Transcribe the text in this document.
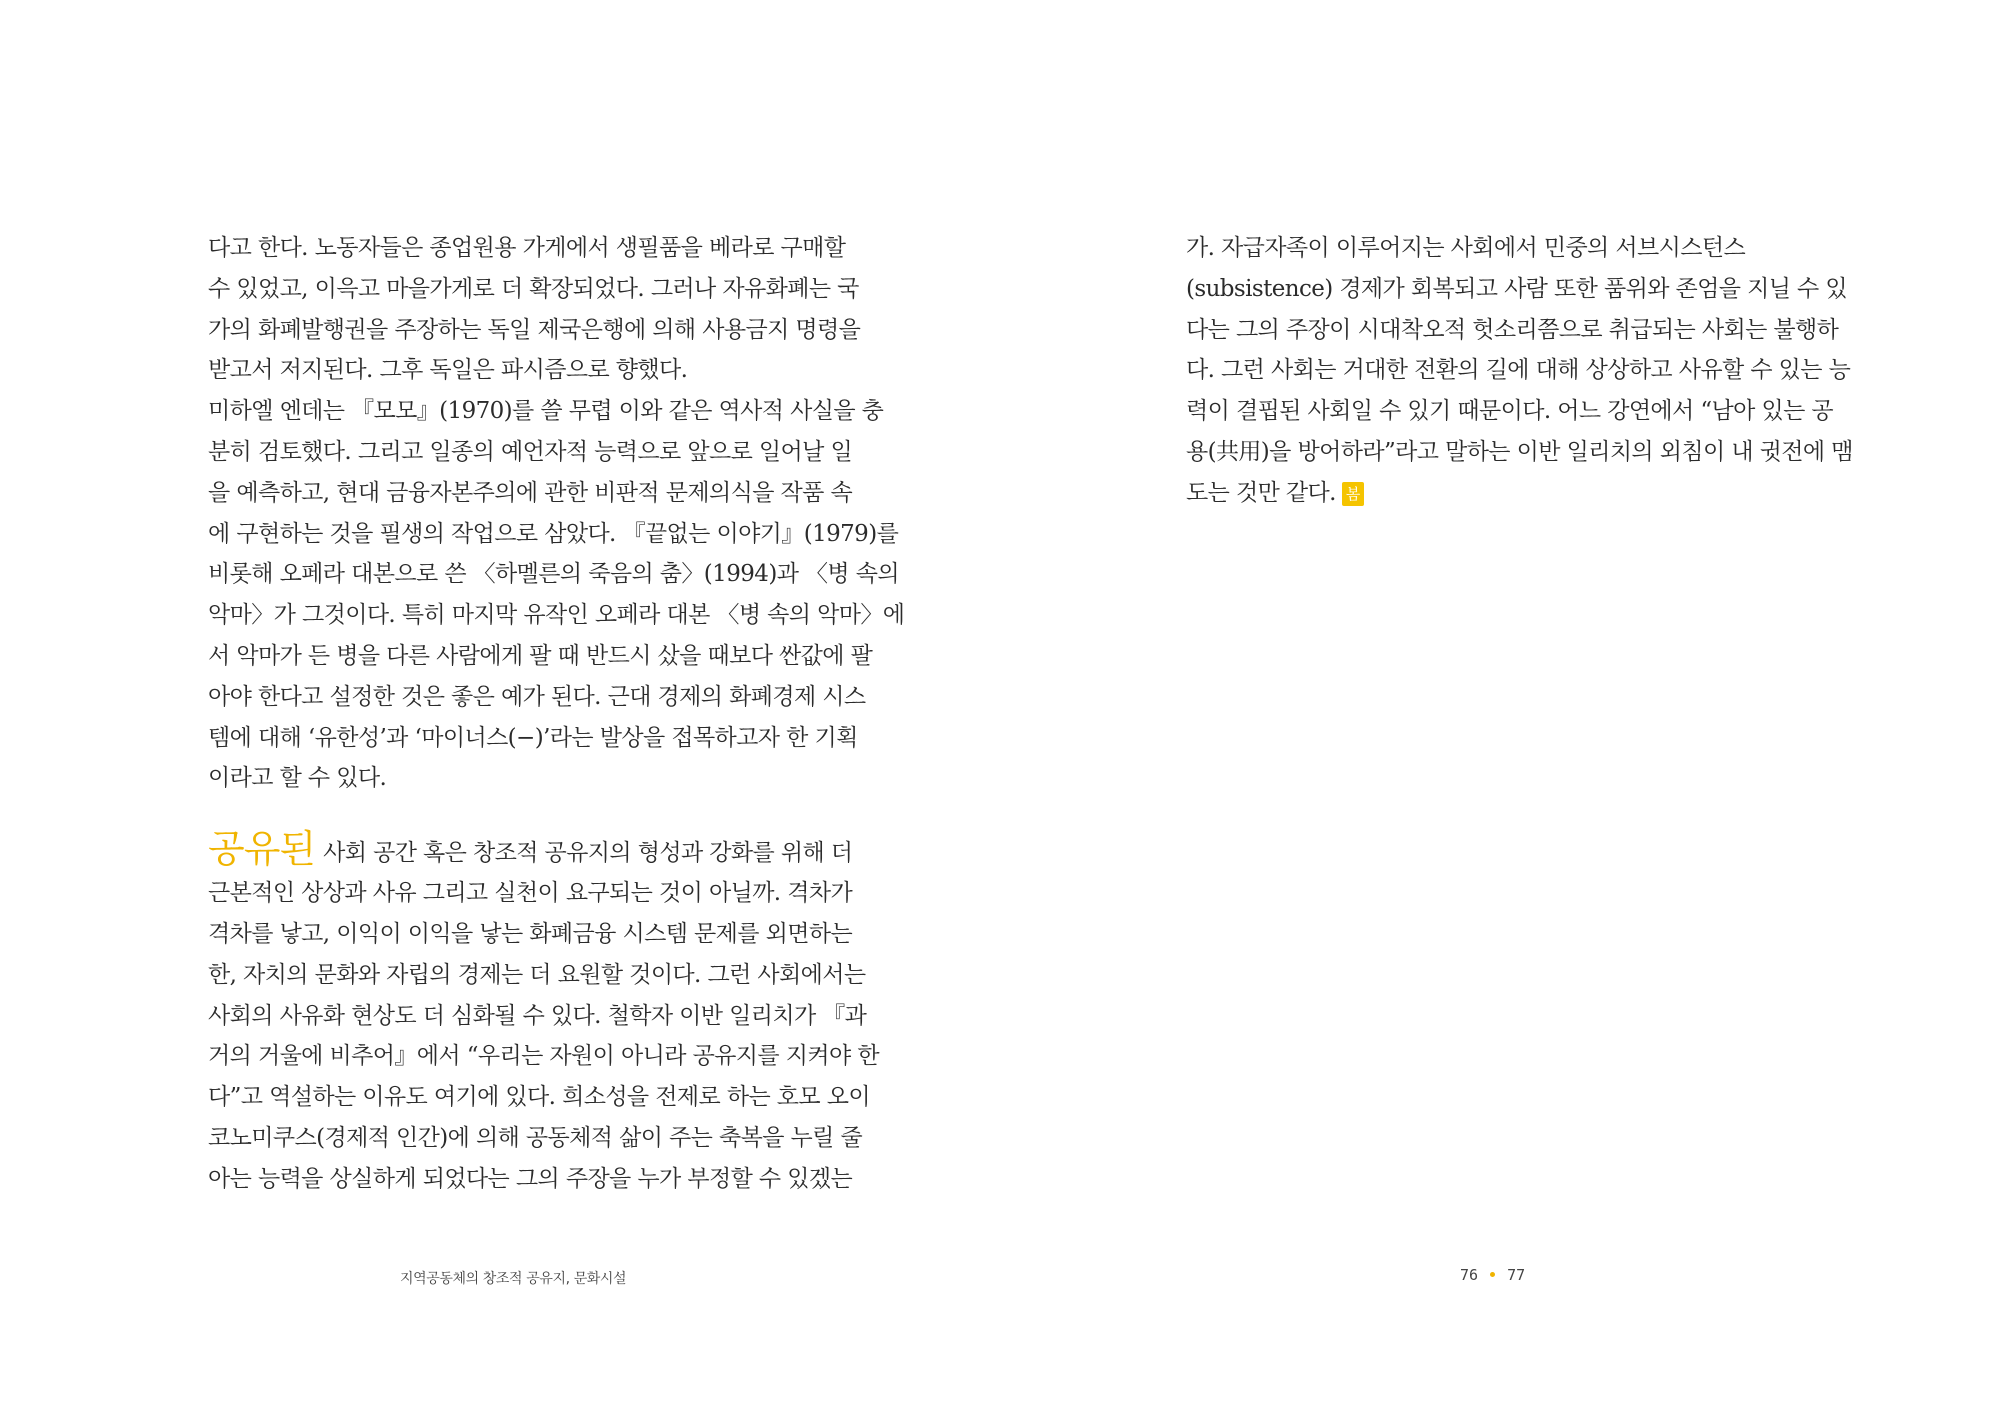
다고 한다. 노동자들은 종업원용 가게에서 생필품을 베라로 구매할
수 있었고, 이윽고 마을가게로 더 확장되었다. 그러나 자유화폐는 국
가의 화폐발행권을 주장하는 독일 제국은행에 의해 사용금지 명령을
받고서 저지된다. 그후 독일은 파시즘으로 향했다.
미하엘 엔데는 『모모』(1970)를 쓸 무렵 이와 같은 역사적 사실을 충
분히 검토했다. 그리고 일종의 예언자적 능력으로 앞으로 일어날 일
을 예측하고, 현대 금융자본주의에 관한 비판적 문제의식을 작품 속
에 구현하는 것을 필생의 작업으로 삼았다. 『끝없는 이야기』(1979)를
비롯해 오페라 대본으로 쓴 〈하멜른의 죽음의 춤〉(1994)과 〈병 속의
악마〉가 그것이다. 특히 마지막 유작인 오페라 대본 〈병 속의 악마〉에
서 악마가 든 병을 다른 사람에게 팔 때 반드시 샀을 때보다 싼값에 팔
아야 한다고 설정한 것은 좋은 예가 된다. 근대 경제의 화폐경제 시스
템에 대해 ‘유한성’과 ‘마이너스(−)’라는 발상을 접목하고자 한 기획
이라고 할 수 있다.
공유된 사회 공간 혹은 창조적 공유지의 형성과 강화를 위해 더
근본적인 상상과 사유 그리고 실천이 요구되는 것이 아닐까. 격차가
격차를 낳고, 이익이 이익을 낳는 화폐금융 시스템 문제를 외면하는
한, 자치의 문화와 자립의 경제는 더 요원할 것이다. 그런 사회에서는
사회의 사유화 현상도 더 심화될 수 있다. 철학자 이반 일리치가 『과
거의 거울에 비추어』에서 “우리는 자원이 아니라 공유지를 지켜야 한
다”고 역설하는 이유도 여기에 있다. 희소성을 전제로 하는 호모 오이
코노미쿠스(경제적 인간)에 의해 공동체적 삶이 주는 축복을 누릴 줄
아는 능력을 상실하게 되었다는 그의 주장을 누가 부정할 수 있겠는
지역공동체의 창조적 공유지, 문화시설
가. 자급자족이 이루어지는 사회에서 민중의 서브시스턴스
(subsistence) 경제가 회복되고 사람 또한 품위와 존엄을 지닐 수 있
다는 그의 주장이 시대착오적 헛소리쯤으로 취급되는 사회는 불행하
다. 그런 사회는 거대한 전환의 길에 대해 상상하고 사유할 수 있는 능
력이 결핍된 사회일 수 있기 때문이다. 어느 강연에서 “남아 있는 공
용(共用)을 방어하라”라고 말하는 이반 일리치의 외침이 내 귓전에 맴
도는 것만 같다. 봄
76 77
